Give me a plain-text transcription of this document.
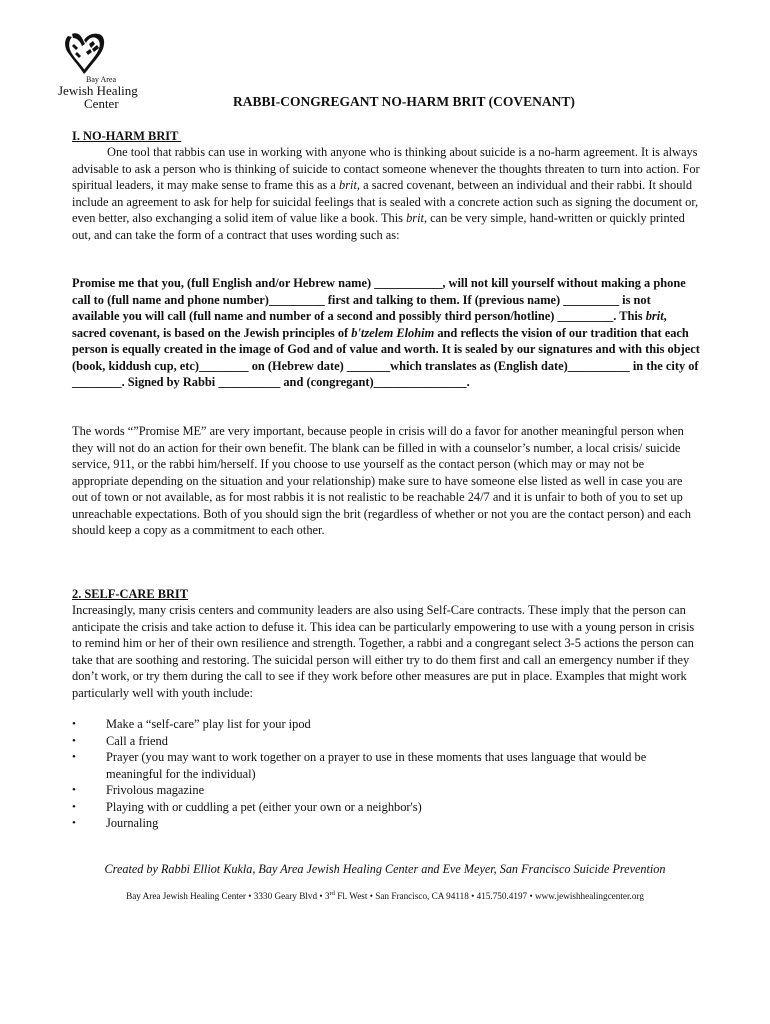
Bay Area
Jewish Healing
Center	RABBI-CONGREGANT NO-HARM BRIT (COVENANT)
I. NO-HARM BRIT
One tool that rabbis can use in working with anyone who is thinking about suicide is a no-harm agreement. It is always advisable to ask a person who is thinking of suicide to contact someone whenever the thoughts threaten to turn into action. For spiritual leaders, it may make sense to frame this as a brit, a sacred covenant, between an individual and their rabbi. It should include an agreement to ask for help for suicidal feelings that is sealed with a concrete action such as signing the document or, even better, also exchanging a solid item of value like a book. This brit, can be very simple, hand-written or quickly printed out, and can take the form of a contract that uses wording such as:
Promise me that you, (full English and/or Hebrew name) ___________, will not kill yourself without making a phone call to (full name and phone number)_________ first and talking to them. If (previous name) _________ is not available you will call (full name and number of a second and possibly third person/hotline) _________. This brit, sacred covenant, is based on the Jewish principles of b'tzelem Elohim and reflects the vision of our tradition that each person is equally created in the image of God and of value and worth. It is sealed by our signatures and with this object (book, kiddush cup, etc)________ on (Hebrew date) _______which translates as (English date)__________ in the city of ________. Signed by Rabbi __________ and (congregant)_______________.
The words “”Promise ME” are very important, because people in crisis will do a favor for another meaningful person when they will not do an action for their own benefit. The blank can be filled in with a counselor’s number, a local crisis/ suicide service, 911, or the rabbi him/herself. If you choose to use yourself as the contact person (which may or may not be appropriate depending on the situation and your relationship) make sure to have someone else listed as well in case you are out of town or not available, as for most rabbis it is not realistic to be reachable 24/7 and it is unfair to both of you to set up unreachable expectations. Both of you should sign the brit (regardless of whether or not you are the contact person) and each should keep a copy as a commitment to each other.
2. SELF-CARE BRIT
Increasingly, many crisis centers and community leaders are also using Self-Care contracts. These imply that the person can anticipate the crisis and take action to defuse it. This idea can be particularly empowering to use with a young person in crisis to remind him or her of their own resilience and strength. Together, a rabbi and a congregant select 3-5 actions the person can take that are soothing and restoring. The suicidal person will either try to do them first and call an emergency number if they don’t work, or try them during the call to see if they work before other measures are put in place. Examples that might work particularly well with youth include:
• Make a “self-care” play list for your ipod
• Call a friend
• Prayer (you may want to work together on a prayer to use in these moments that uses language that would be meaningful for the individual)
• Frivolous magazine
• Playing with or cuddling a pet (either your own or a neighbor's)
• Journaling
Created by Rabbi Elliot Kukla, Bay Area Jewish Healing Center and Eve Meyer, San Francisco Suicide Prevention
Bay Area Jewish Healing Center • 3330 Geary Blvd • 3rd Fl. West • San Francisco, CA 94118 • 415.750.4197 • www.jewishhealingcenter.org
